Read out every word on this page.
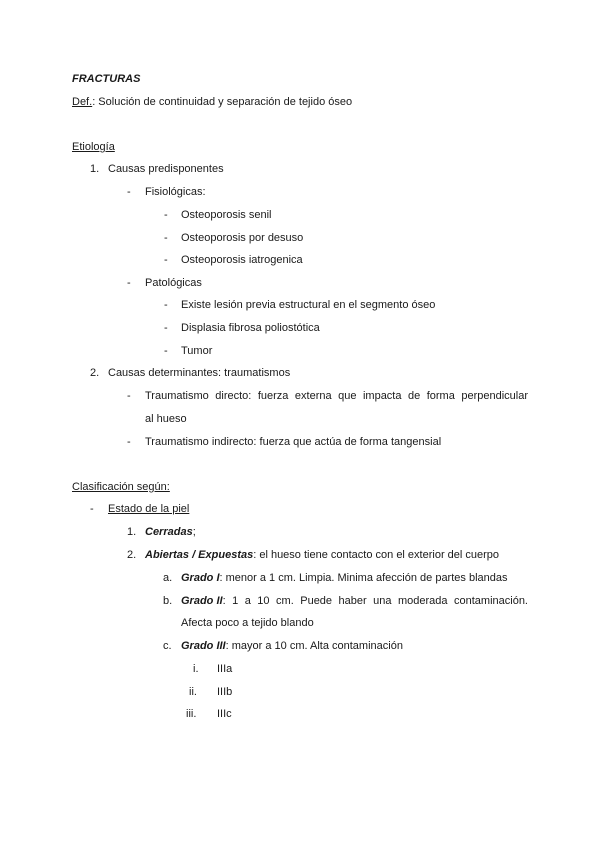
FRACTURAS
Def.: Solución de continuidad y separación de tejido óseo
Etiología
1. Causas predisponentes
- Fisiológicas:
- Osteoporosis senil
- Osteoporosis por desuso
- Osteoporosis iatrogenica
- Patológicas
- Existe lesión previa estructural en el segmento óseo
- Displasia fibrosa poliostótica
- Tumor
2. Causas determinantes: traumatismos
- Traumatismo directo: fuerza externa que impacta de forma perpendicular
al hueso
- Traumatismo indirecto: fuerza que actúa de forma tangensial
Clasificación según:
- Estado de la piel
1. Cerradas;
2. Abiertas / Expuestas: el hueso tiene contacto con el exterior del cuerpo
a. Grado I: menor a 1 cm. Limpia. Minima afección de partes blandas
b. Grado II : 1 a 10 cm. Puede haber una moderada contaminación.
Afecta poco a tejido blando
c. Grado III: mayor a 10 cm. Alta contaminación
i. IIIa
ii. IIIb
iii. IIIc
